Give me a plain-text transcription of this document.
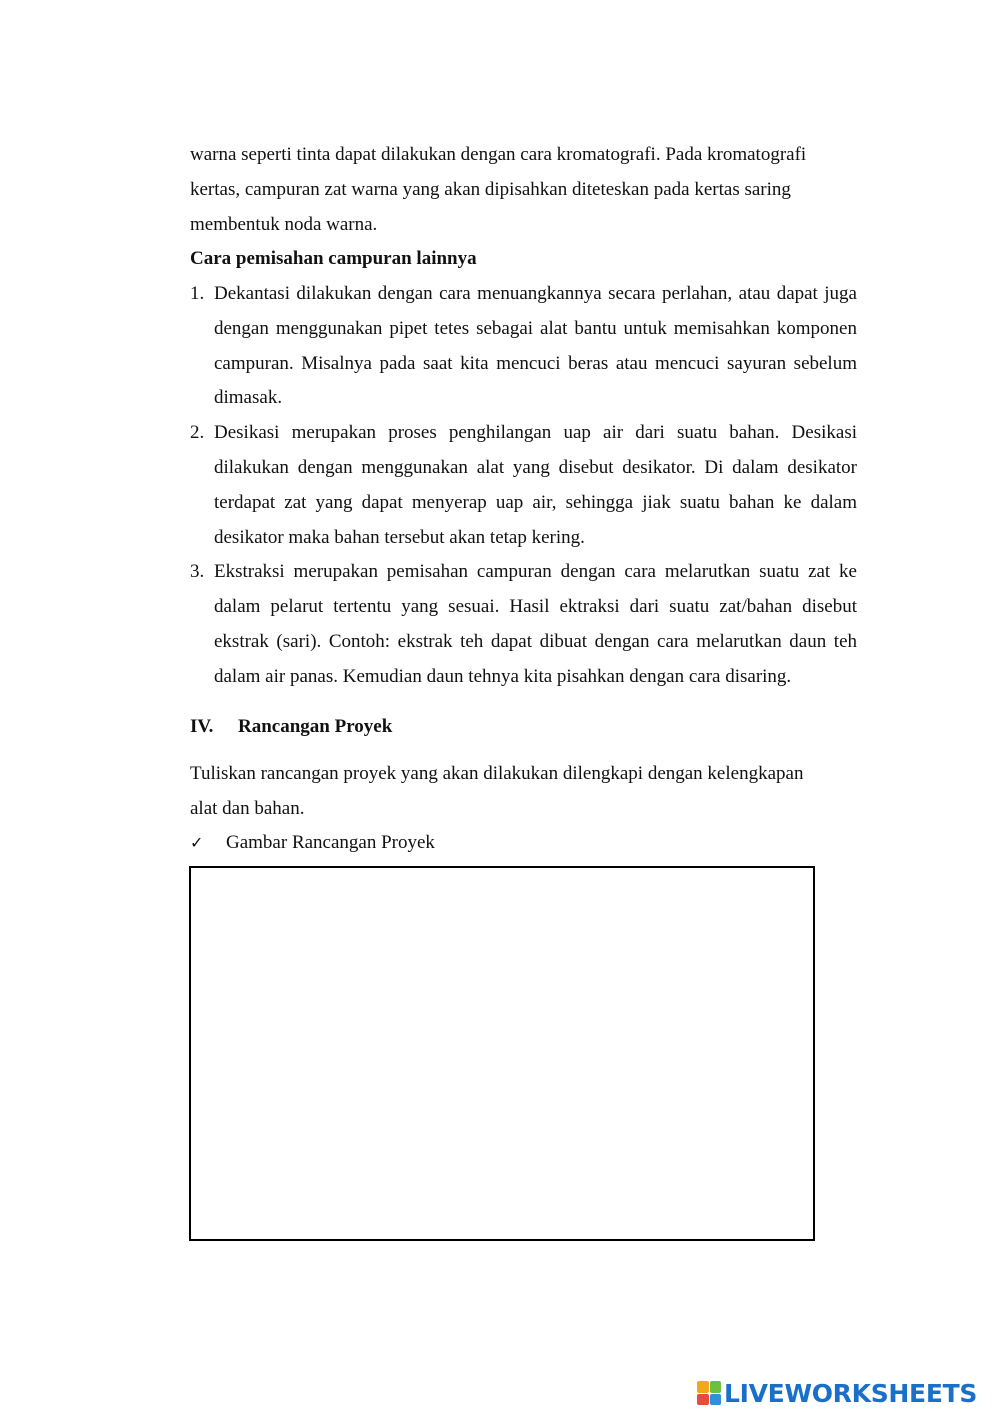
warna seperti tinta dapat dilakukan dengan cara kromatografi. Pada kromatografi

kertas, campuran zat warna yang akan dipisahkan diteteskan pada kertas saring

membentuk noda warna.

Cara pemisahan campuran lainnya
1. Dekantasi dilakukan dengan cara menuangkannya secara perlahan, atau dapat juga dengan menggunakan pipet tetes sebagai alat bantu untuk memisahkan komponen campuran. Misalnya pada saat kita mencuci beras atau mencuci sayuran sebelum dimasak.
2. Desikasi merupakan proses penghilangan uap air dari suatu bahan. Desikasi dilakukan dengan menggunakan alat yang disebut desikator. Di dalam desikator terdapat zat yang dapat menyerap uap air, sehingga jiak suatu bahan ke dalam desikator maka bahan tersebut akan tetap kering.
3. Ekstraksi merupakan pemisahan campuran dengan cara melarutkan suatu zat ke dalam pelarut tertentu yang sesuai. Hasil ektraksi dari suatu zat/bahan disebut ekstrak (sari). Contoh: ekstrak teh dapat dibuat dengan cara melarutkan daun teh dalam air panas. Kemudian daun tehnya kita pisahkan dengan cara disaring.
IV. Rancangan Proyek
Tuliskan rancangan proyek yang akan dilakukan dilengkapi dengan kelengkapan
alat dan bahan.
✓ Gambar Rancangan Proyek
LIVEWORKSHEETS
